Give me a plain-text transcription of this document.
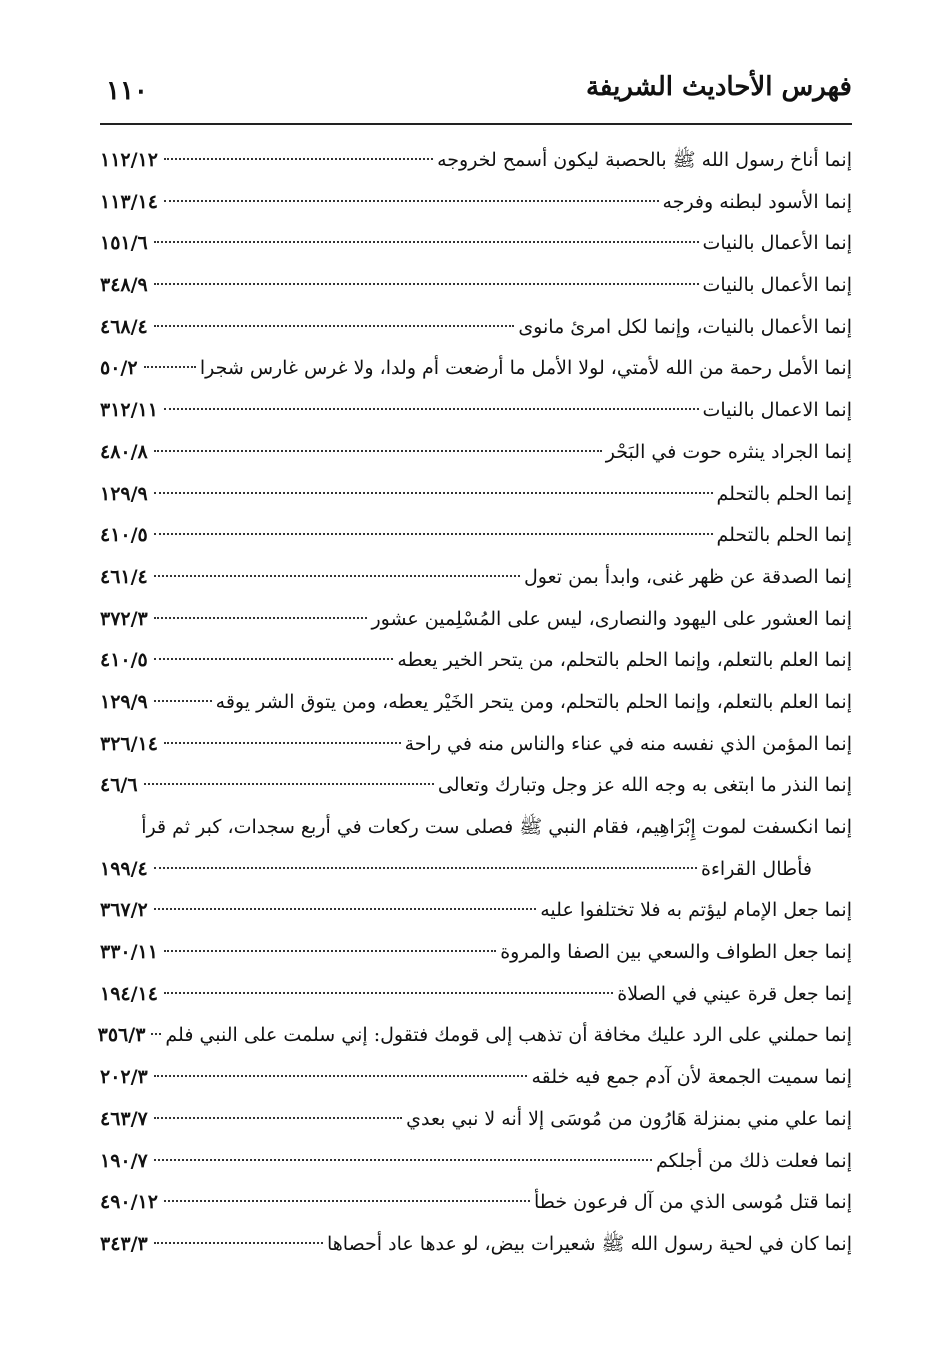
١١٠	فهرس الأحاديث الشريفة
إنما أناخ رسول الله ﷺ بالحصبة ليكون أسمح لخروجه
١١٢/١٢
إنما الأسود لبطنه وفرجه
١١٣/١٤
إنما الأعمال بالنيات
١٥١/٦
إنما الأعمال بالنيات
٣٤٨/٩
إنما الأعمال بالنيات، وإنما لكل امرئ مانوى
٤٦٨/٤
إنما الأمل رحمة من الله لأمتي، لولا الأمل ما أرضعت أم ولدا، ولا غرس غارس شجرا
٥٠/٢
إنما الاعمال بالنيات
٣١٢/١١
إنما الجراد ينثره حوت في البَحْر
٤٨٠/٨
إنما الحلم بالتحلم
١٢٩/٩
إنما الحلم بالتحلم
٤١٠/٥
إنما الصدقة عن ظهر غنى، وابدأ بمن تعول
٤٦١/٤
إنما العشور على اليهود والنصارى، ليس على المُسْلِمين عشور
٣٧٢/٣
إنما العلم بالتعلم، وإنما الحلم بالتحلم، من يتحر الخير يعطه
٤١٠/٥
إنما العلم بالتعلم، وإنما الحلم بالتحلم، ومن يتحر الخَيْر يعطه، ومن يتوق الشر يوقه
١٢٩/٩
إنما المؤمن الذي نفسه منه في عناء والناس منه في راحة
٣٢٦/١٤
إنما النذر ما ابتغى به وجه الله عز وجل وتبارك وتعالى
٤٦/٦
إنما انكسفت لموت إِبْرَاهِيم، فقام النبي ﷺ فصلى ست ركعات في أربع سجدات، كبر ثم قرأ
فأطال القراءة
١٩٩/٤
إنما جعل الإمام ليؤتم به فلا تختلفوا عليه
٣٦٧/٢
إنما جعل الطواف والسعي بين الصفا والمروة
٣٣٠/١١
إنما جعل قرة عيني في الصلاة
١٩٤/١٤
إنما حملني على الرد عليك مخافة أن تذهب إلى قومك فتقول: إني سلمت على النبي فلم
٣٥٦/٣
إنما سميت الجمعة لأن آدم جمع فيه خلقه
٢٠٢/٣
إنما علي مني بمنزلة هَارُون من مُوسَى إلا أنه لا نبي بعدي
٤٦٣/٧
إنما فعلت ذلك من أجلكم
١٩٠/٧
إنما قتل مُوسى الذي من آل فرعون خطأ
٤٩٠/١٢
إنما كان في لحية رسول الله ﷺ شعيرات بيض، لو عدها عاد أحصاها
٣٤٣/٣
